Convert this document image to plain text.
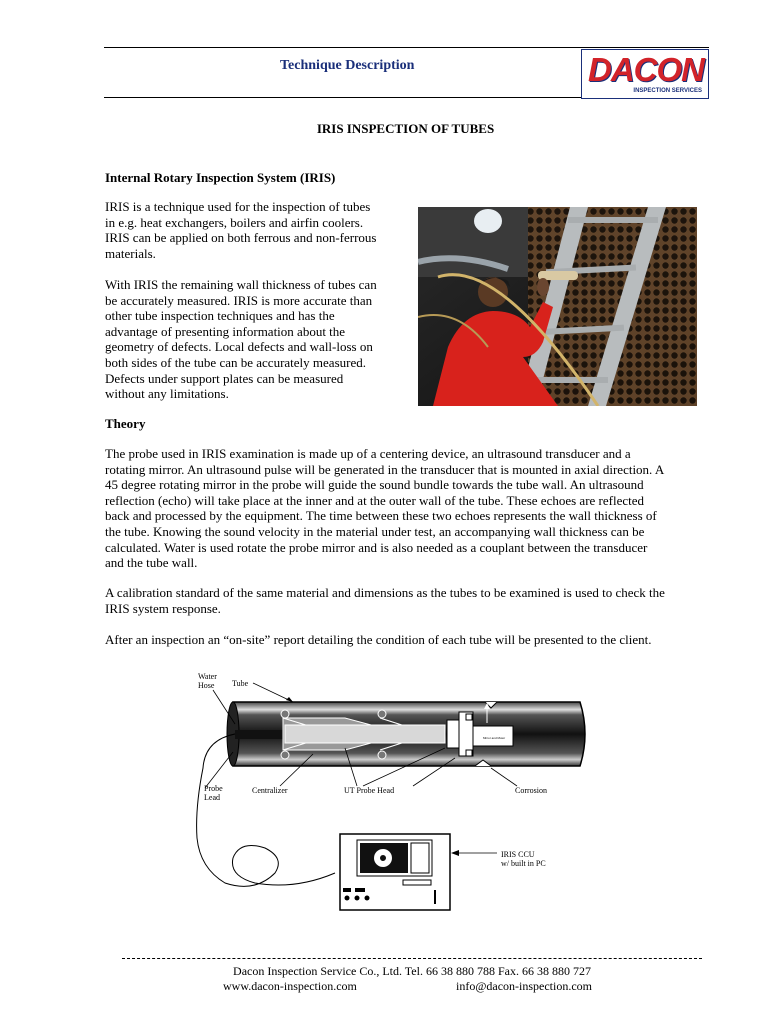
Technique Description	DACON
INSPECTION SERVICES
IRIS INSPECTION OF TUBES
Internal Rotary Inspection System (IRIS)
IRIS is a technique used for the inspection of tubes
in e.g. heat exchangers, boilers and airfin coolers.
IRIS can be applied on both ferrous and non-ferrous
materials.
With IRIS the remaining wall thickness of tubes can
be accurately measured. IRIS is more accurate than
other tube inspection techniques and has the
advantage of presenting information about the
geometry of defects. Local defects and wall-loss on
both sides of the tube can be accurately measured.
Defects under support plates can be measured
without any limitations.
Theory
The probe used in IRIS examination is made up of a centering device, an ultrasound transducer and a
rotating mirror. An ultrasound pulse will be generated in the transducer that is mounted in axial direction. A
45 degree rotating mirror in the probe will guide the sound bundle towards the tube wall. An ultrasound
reflection (echo) will take place at the inner and at the outer wall of the tube. These echoes are reflected
back and processed by the equipment. The time between these two echoes represents the wall thickness of
the tube. Knowing the sound velocity in the material under test, an accompanying wall thickness can be
calculated. Water is used rotate the probe mirror and is also needed as a couplant between the transducer
and the tube wall.
A calibration standard of the same material and dimensions as the tubes to be examined is used to check the
IRIS system response.
After an inspection an “on-site” report detailing the condition of each tube will be presented to the client.
Mirror and Motor
Water
Hose	Tube
Probe
Lead
Centralizer	UT Probe Head	Corrosion
IRIS CCU
w/ built in PC
Dacon Inspection Service Co., Ltd. Tel. 66 38 880 788 Fax. 66 38 880 727
www.dacon-inspection.com	info@dacon-inspection.com
